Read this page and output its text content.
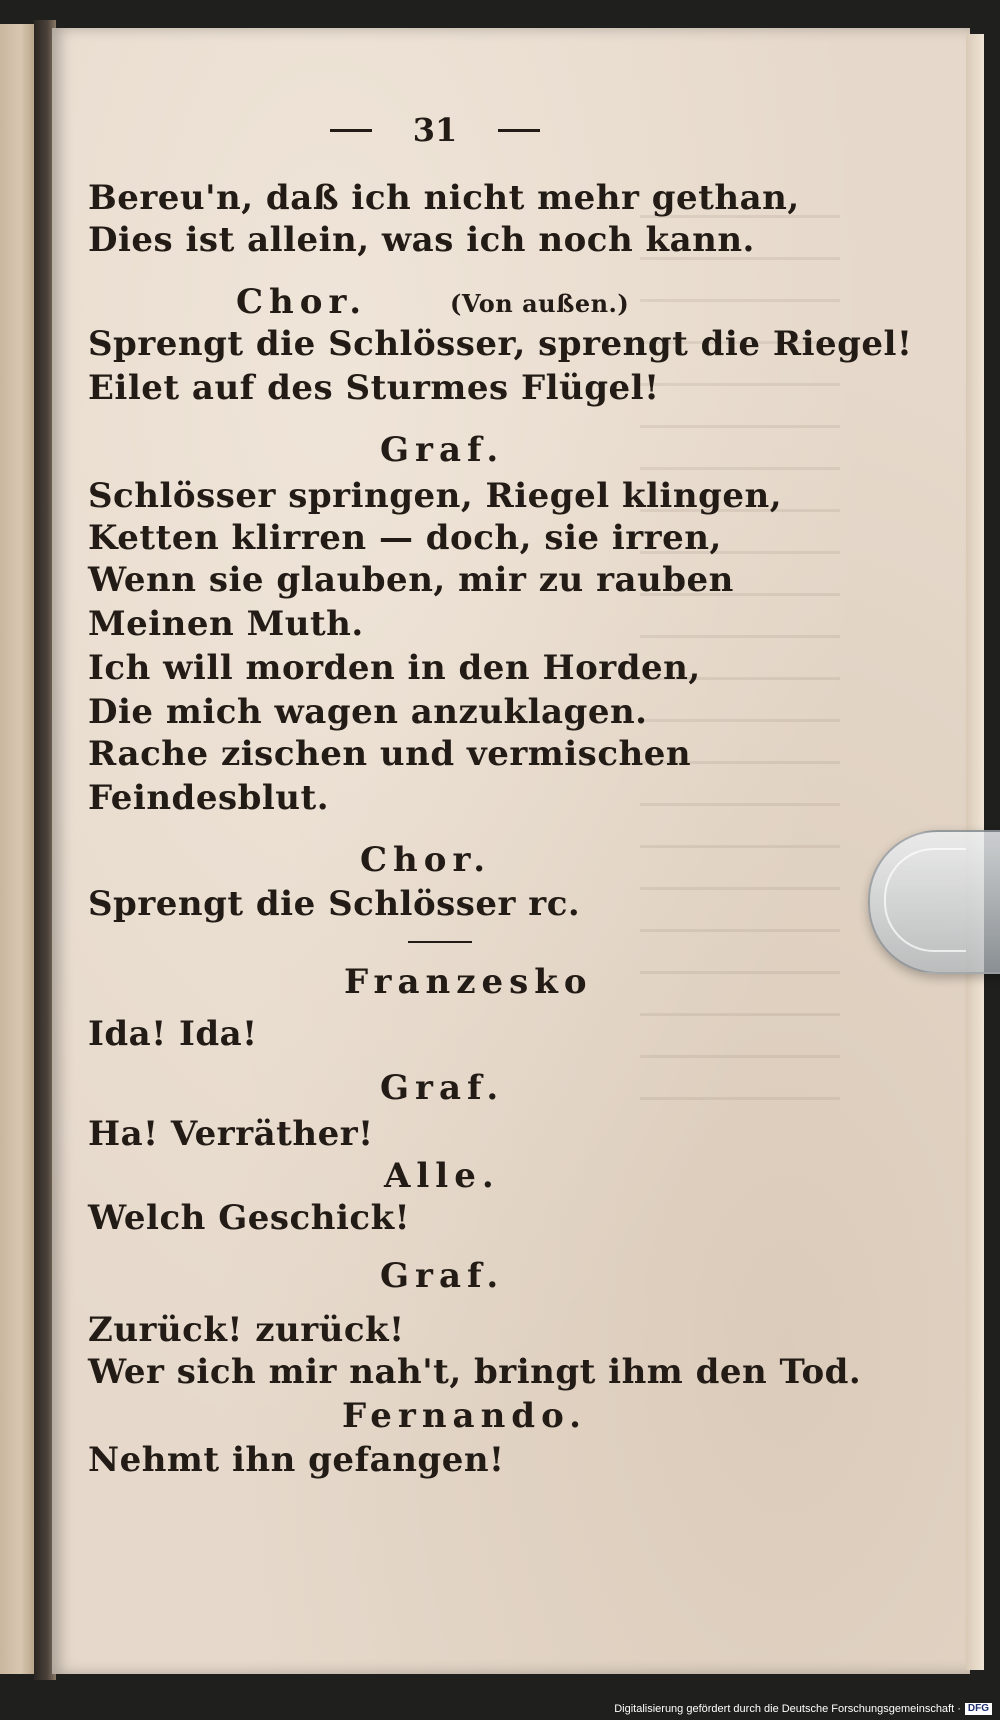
31
Bereu'n, daß ich nicht mehr gethan,
Dies ist allein, was ich noch kann.
Chor.	(Von außen.)
Sprengt die Schlösser, sprengt die Riegel!
Eilet auf des Sturmes Flügel!
Graf.
Schlösser springen, Riegel klingen,
Ketten klirren — doch, sie irren,
Wenn sie glauben, mir zu rauben
Meinen Muth.
Ich will morden in den Horden,
Die mich wagen anzuklagen.
Rache zischen und vermischen
Feindesblut.
Chor.
Sprengt die Schlösser rc.
Franzesko
Ida! Ida!
Graf.
Ha! Verräther!
Alle.
Welch Geschick!
Graf.
Zurück! zurück!
Wer sich mir nah't, bringt ihm den Tod.
Fernando.
Nehmt ihn gefangen!
Digitalisierung gefördert durch die Deutsche Forschungsgemeinschaft · DFG
